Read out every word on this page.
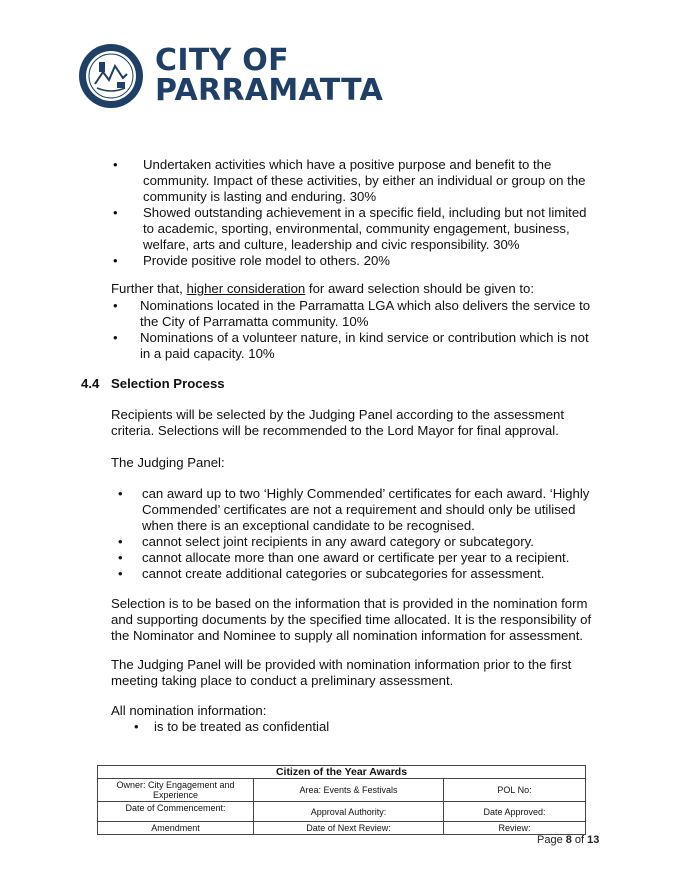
CITY OF
PARRAMATTA
• Undertaken activities which have a positive purpose and benefit to the
community. Impact of these activities, by either an individual or group on the
community is lasting and enduring. 30%
• Showed outstanding achievement in a specific field, including but not limited
to academic, sporting, environmental, community engagement, business,
welfare, arts and culture, leadership and civic responsibility. 30%
• Provide positive role model to others. 20%
Further that, higher consideration for award selection should be given to:
• Nominations located in the Parramatta LGA which also delivers the service to
the City of Parramatta community. 10%
• Nominations of a volunteer nature, in kind service or contribution which is not
in a paid capacity. 10%
4.4 Selection Process
Recipients will be selected by the Judging Panel according to the assessment
criteria. Selections will be recommended to the Lord Mayor for final approval.
The Judging Panel:
• can award up to two ‘Highly Commended’ certificates for each award. ‘Highly
Commended’ certificates are not a requirement and should only be utilised
when there is an exceptional candidate to be recognised.
• cannot select joint recipients in any award category or subcategory.
• cannot allocate more than one award or certificate per year to a recipient.
• cannot create additional categories or subcategories for assessment.
Selection is to be based on the information that is provided in the nomination form
and supporting documents by the specified time allocated. It is the responsibility of
the Nominator and Nominee to supply all nomination information for assessment.
The Judging Panel will be provided with nomination information prior to the first
meeting taking place to conduct a preliminary assessment.
All nomination information:
• is to be treated as confidential
Citizen of the Year Awards		
Owner: City Engagement and Experience	Area: Events & Festivals	POL No:
Date of Commencement:	Approval Authority:	Date Approved:
Amendment	Date of Next Review:	Review:
Page 8 of 13
